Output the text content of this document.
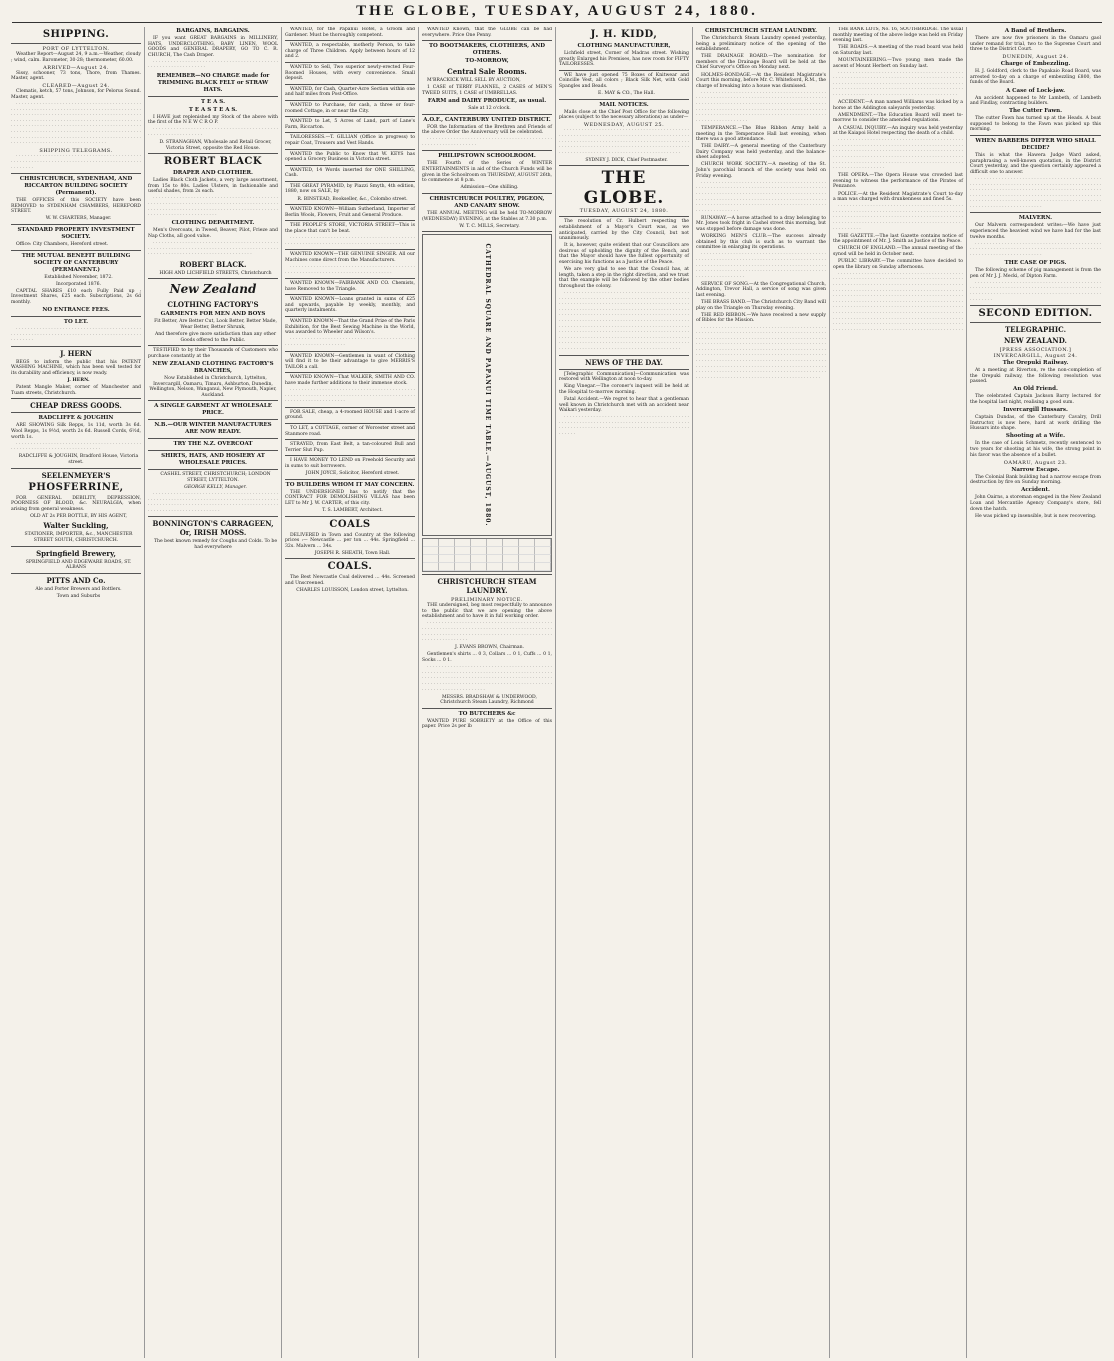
THE GLOBE, TUESDAY, AUGUST 24, 1880.
SHIPPING.
PORT OF LYTTELTON.

Weather Report—August 24, 9 a.m.—Weather, cloudy ; wind, calm. Barometer, 30·28; thermometer, 60.00.

ARRIVED—August 24.

Sissy, schooner, 73 tons, Thore, from Thames. Master, agent.

CLEARED—August 24.

Clematis, ketch, 57 tons, Johnson, for Pelorus Sound. Master, agent.

· · · · · · · · · · · · · · · · · · · · · · · · · · · · · · · · · · · · · · · · · · · · · · · · · · · · · · · · · · · · · · · · · · · · · · · · · · · · · · · · · · · · · · · · · · · · · · · · · · · · · · · · · · · · · · · · · · · · · · · · · · · · · · · · · · · · · · · · · · · · · · · · · · · · · · · · · · · · · · · · · · · · · · · · · · · · · · · · · · · · · · · · · · · · · · · · · · · · · · · · · · · · · · · · · · · · · · · · · · · · · · · · · · · · · · · · · · · · · · · · · · · · · · · · · · · · · · · · · · · · · · · · · · · · · · · · · · · · · · · · · · · · · · · · · · · · · · · · · · · · · · · · · · · · · · · · · · · · · · · · · · · · · · · · · · · · · · · · · · · · · · · · · ·

SHIPPING TELEGRAMS.

· · · · · · · · · · · · · · · · · · · · · · · · · · · · · · · · · · · · · · · · · · · · · · · · · · · · · · · · · · · · · · · · · · · · · · · · · · · · · · · · · · · · · · · · · · · · · · · ·

CHRISTCHURCH, SYDENHAM, AND RICCARTON BUILDING SOCIETY (Permanent).

THE OFFICES of this SOCIETY have been REMOVED to SYDENHAM CHAMBERS, HEREFORD STREET.

W. W. CHARTERS, Manager.

STANDARD PROPERTY INVESTMENT SOCIETY.

Office: City Chambers, Hereford street.

THE MUTUAL BENEFIT BUILDING SOCIETY OF CANTERBURY (PERMANENT.)

Established November, 1872.

Incorporated 1876.

CAPITAL SHARES £10 each Fully Paid up ; Investment Shares, £25 each. Subscriptions, 2s 6d monthly.

NO ENTRANCE FEES.
TO LET.

· · · · · · · · · · · · · · · · · · · · · · · · · · · · · · · · · · · · · · · · · · · · · · · · · · · · · · · · · · · · · · · · · · · · · · · · · · · · · · · · · · · · · · · · · · · · · · · ·

J. HERN

BEGS to inform the public that his PATENT WASHING MACHINE, which has been well tested for its durability and efficiency, is now ready.

J. HERN.

Patent Mangle Maker, corner of Manchester and Tuam streets, Christchurch.

CHEAP DRESS GOODS.
RADCLIFFE & JOUGHIN

ARE SHOWING Silk Repps, 1s 11d, worth 3s 6d. Wool Repps, 1s 9½d, worth 2s 6d. Russell Cords, 6½d, worth 1s.

· · · · · · · · · · · · · · · · · · · · · · · · · · · · · · · · · · · · · · · · · · · · · · · · · · · · · · · · · · · · · · · · · · · · · · · · · ·

RADCLIFFE & JOUGHIN, Bradford House, Victoria street.

SEELENMEYER'S
PHOSFERRINE,

FOR GENERAL DEBILITY, DEPRESSION, POORNESS OF BLOOD, &c. NEURALGIA, when arising from general weakness.

OLD AT 2s PER BOTTLE, BY HIS AGENT,

Walter Suckling,

STATIONER, IMPORTER, &c., MANCHESTER STREET SOUTH, CHRISTCHURCH.

Springfield Brewery,

SPRINGFIELD AND EDGEWARE ROADS, ST. ALBANS

PITTS AND Co.

Ale and Porter Brewers and Bottlers.

Town and Suburbs

BARGAINS, BARGAINS.

IF you want GREAT BARGAINS in MILLINERY, HATS, UNDERCLOTHING, BABY LINEN, WOOL GOODS and GENERAL DRAPERY, GO TO C. R. CHURCH, The Cash Draper.

· · · · · · · · · · · · · · · · · · · · · · · · · · · · · · · · · · · · · · · · · · · · · · · · · · · · · · · · · · · · · · ·

REMEMBER—NO CHARGE made for TRIMMING BLACK FELT or STRAW HATS.
T E A S.
T E A S T E A S.

I HAVE just replenished my Stock of the above with the first of the N E W C R O P.

· · · · · · · · · · · · · · · · · · · · · · · · · · · · · · · · · · · · · · · · · · · · · · · · · · · · · · · · · · · · · ·

D. STRANAGHAN, Wholesale and Retail Grocer, Victoria Street, opposite the Red House.

ROBERT BLACK
DRAPER AND CLOTHIER.

Ladies Black Cloth Jackets, a very large assortment, from 15s to 80s. Ladies Ulsters, in fashionable and useful shades, from 2s each.

· · · · · · · · · · · · · · · · · · · · · · · · · · · · · · · · · · · · · · · · · · · · · · · · · · · · · · · · · · · · · · · · · · · · · · · · · · · · · · · · · · · · · · · · · · · · · · · · · · · · · · · · · · · · · · · · · · · · · · · · · · · · · · · · · · · · · · · · · · · · · · · · · · · · · · · · · · · · ·

CLOTHING DEPARTMENT.

Men's Overcoats, in Tweed, Beaver, Pilot, Frieze and Nap Cloths, all good value.

· · · · · · · · · · · · · · · · · · · · · · · · · · · · · · · · · · · · · · · · · · · · · · · · · · · · · · · · · · · · · · · · · · · · · · · · · · · · · · · · · · · · · · · · · · · · · · · · · · · · · · · · · · · · · · · · · · · · · · · · · · · ·

ROBERT BLACK.

HIGH AND LICHFIELD STREETS, Christchurch

New Zealand
CLOTHING FACTORY'S
GARMENTS FOR MEN AND BOYS

Fit Better, Are Better Cut, Look Better, Better Made, Wear Better, Better Shrunk,

And therefore give more satisfaction than any other Goods offered to the Public.

TESTIFIED to by their Thousands of Customers who purchase constantly at the

NEW ZEALAND CLOTHING FACTORY'S BRANCHES,

Now Established in Christchurch, Lyttelton, Invercargill, Oamaru, Timaru, Ashburton, Dunedin, Wellington, Nelson, Wanganui, New Plymouth, Napier, Auckland.

A SINGLE GARMENT AT WHOLESALE PRICE.
N.B.—OUR WINTER MANUFACTURES ARE NOW READY.
TRY THE N.Z. OVERCOAT
SHIRTS, HATS, AND HOSIERY AT WHOLESALE PRICES.

CASHEL STREET, CHRISTCHURCH; LONDON STREET, LYTTELTON.

GEORGE KELLY, Manager.

· · · · · · · · · · · · · · · · · · · · · · · · · · · · · · · · · · · · · · · · · · · · · · · · · · · · · · · · · · · · · · · · · · · · · · · · · · · · · · · · · · · · · · · · · · · · · · · · · · · · · · · · · · · · · · · · · · · · · · · · · · · · · · · · · · · · · · · · · · · · · · · · · · · · · · · · · · · · · ·

BONNINGTON'S CARRAGEEN, Or, IRISH MOSS.

The best known remedy for Coughs and Colds. To be had everywhere

WANTED, for the Papanui Hotel, a Groom and Gardener. Must be thoroughly competent.

WANTED, a respectable, motherly Person, to take charge of Three Children. Apply between hours of 12 and 2.

WANTED to Sell, Two superior newly-erected Four-Roomed Houses, with every convenience. Small deposit.

WANTED, for Cash, Quarter-Acre Section within one and half miles from Post-Office.

WANTED to Purchase, for cash, a three or four-roomed Cottage, in or near the City.

WANTED to Let, 5 Acres of Land, part of Lane's Farm, Riccarton.

TAILORESSES.—T. GILLIAN (Office in progress) to repair Coat, Trousers and Vest Hands.

WANTED the Public to Know that W. KEYS has opened a Grocery Business in Victoria street.

WANTED, 14 Words inserted for ONE SHILLING, Cash.

THE GREAT PYRAMID, by Piazzi Smyth, 4th edition, 1880, now on SALE, by

R. BINSTEAD, Bookseller, &c., Colombo street.

WANTED KNOWN—William Sutherland, Importer of Berlin Wools, Flowers, Fruit and General Produce.

THE PEOPLE'S STORE, VICTORIA STREET—This is the place that can't be beat.

· · · · · · · · · · · · · · · · · · · · · · · · · · · · · · · · · · · · · · · · · · · · · · · · · · · · · · · · · · · · · · · · · · · · · · · · · · · · · · · · · · · · ·

WANTED KNOWN—THE GENUINE SINGER. All our Machines come direct from the Manufacturers.

· · · · · · · · · · · · · · · · · · · · · · · · · · · · · · · · · · · · · · · · · · · · · · · · · · · · · · · · · · · · · · · · · · · · · · · · · · · · · · · ·

WANTED KNOWN—FAIRBANK AND CO. Chemists, have Removed to the Triangle.

WANTED KNOWN—Loans granted in sums of £25 and upwards, payable by weekly, monthly, and quarterly instalments.

WANTED KNOWN—That the Grand Prize of the Paris Exhibition, for the Best Sewing Machine in the World, was awarded to Wheeler and Wilson's.

· · · · · · · · · · · · · · · · · · · · · · · · · · · · · · · · · · · · · · · · · · · · · · · · · · · · · · · · · · · · · · · ·

WANTED KNOWN—Gentlemen in want of Clothing will find it to be their advantage to give MERRIS'S TAILOR a call.

WANTED KNOWN—That WALKER, SMITH AND CO. have made further additions to their immense stock.

· · · · · · · · · · · · · · · · · · · · · · · · · · · · · · · · · · · · · · · · · · · · · · · · · · · · · · · · · · · · · · · · · · · · · · · · · · · · · · · · · · · · · · · · · · · · · · · · · · · · · · · · · · · · ·

FOR SALE, cheap, a 4-roomed HOUSE and 1-acre of ground.

TO LET, a COTTAGE, corner of Worcester street and Stanmore road.

STRAYED, from East Belt, a tan-coloured Bull and Terrier Slut Pup.

I HAVE MONEY TO LEND on Freehold Security and in sums to suit borrowers.

JOHN JOYCE, Solicitor, Hereford street.

TO BUILDERS WHOM IT MAY CONCERN.

THE UNDERSIGNED has to notify that the CONTRACT FOR DEMOLISHING VILLAS has been LET to Mr J. W. CARTER, of this city.

T. S. LAMBERT, Architect.

COALS

DELIVERED in Town and Country at the following prices :— Newcastle ... per ton ... 44s. Springfield ... 32s. Malvern ... 34s.

JOSEPH R. SHEATH, Town Hall.

COALS.

The Best Newcastle Coal delivered ... 44s. Screened and Unscreened.

CHARLES LOUISSON, London street, Lyttelton.

WANTED Known, that the GLOBE can be had everywhere. Price One Penny.

TO BOOTMAKERS, CLOTHIERS, AND OTHERS.
TO-MORROW,
Central Sale Rooms.

M'BRACKICK WILL SELL BY AUCTION,

1 CASE of TERRY FLANNEL, 2 CASES of MEN'S TWEED SUITS, 1 CASE of UMBRELLAS.

FARM and DAIRY PRODUCE, as usual.

Sale at 12 o'clock.

A.O.F., CANTERBURY UNITED DISTRICT.

FOR the Information of the Brethren and Friends of the above Order the Anniversary will be celebrated.

· · · · · · · · · · · · · · · · · · · · · · · · · · · · · · · · · · · · · · · · · · · · · · · · · · · · · · · · · · · · · ·

PHILIPSTOWN SCHOOLROOM.

THE Fourth of the Series of WINTER ENTERTAINMENTS in aid of the Church Funds will be given in the Schoolroom on THURSDAY, AUGUST 26th, to commence at 8 p.m.

Admission—One shilling.

CHRISTCHURCH POULTRY, PIGEON, AND CANARY SHOW.

THE ANNUAL MEETING will be held TO-MORROW (WEDNESDAY) EVENING, at the Stables at 7.30 p.m.

W. T. C. MILLS, Secretary.

CATHEDRAL SQUARE AND PAPANUI TIME TABLE.—AUGUST, 1880.
CHRISTCHURCH STEAM LAUNDRY.
PRELIMINARY NOTICE.

THE undersigned, beg most respectfully to announce to the public that we are opening the above establishment and to have it in full working order.

· · · · · · · · · · · · · · · · · · · · · · · · · · · · · · · · · · · · · · · · · · · · · · · · · · · · · · · · · · · · · · · · · · · · · · · · · · · · · · · · · · · · · · · · · · · · · · · · · · · · · · · · · · · · · · · · · · · · · · · · · · · · · · · · · · · · · · · · · · · · · · · · · · · · ·

J. EVANS BROWN, Chairman.

Gentlemen's shirts ... 0 3, Collars ... 0 1, Cuffs ... 0 1, Socks ... 0 1.

· · · · · · · · · · · · · · · · · · · · · · · · · · · · · · · · · · · · · · · · · · · · · · · · · · · · · · · · · · · · · · · · · · · · · · · · · · · · · · · · · · · · · · · · · · · · · · · · · · · · · · · · · · · · · · · · · · · · · · · · · · · · · · · · · · · · · · · · · · · · · · · · · · · · · · · · · · · · · · · · · · · · · · · · · · · · · · · · · · · · · · · · · · · · · · · · · · · · · · · ·

MESSRS. BRADSHAW & UNDERWOOD, Christchurch Steam Laundry, Richmond

TO BUTCHERS &c

WANTED PURE SOBRIETY at the Office of this paper. Price 2s per lb

J. H. KIDD,
CLOTHING MANUFACTURER,

Lichfield street, Corner of Madras street. Wishing greatly Enlarged his Premises, has now room for FIFTY TAILORESSES.

WE have just opened 75 Boxes of Knitwear and Coincille Vest, all colors ; Black Silk Net, with Gold Spangles and Beads.

E. MAY & CO., The Hall.

MAIL NOTICES.

Mails close at the Chief Post Office for the following places (subject to the necessary alterations) as under—

WEDNESDAY, AUGUST 25.

· · · · · · · · · · · · · · · · · · · · · · · · · · · · · · · · · · · · · · · · · · · · · · · · · · · · · · · · · · · · · · · · · · · · · · · · · · · · · · · · · · · · · · · · · · · · · · · · · · · · · · · · · · · · · · · · · · · · · · · · · · · · · · · · · · · · · · · · · · · · · · · · · · · · · · · · · · · · · · · · · · · · · · · · · · · · · · · · · · · · · · · · · · · · · · · · · · · · · · · · · · · · · · · · · · · · · · · · · · · ·

SYDNEY J. DICK, Chief Postmaster.

THE GLOBE.
TUESDAY, AUGUST 24, 1880.

The resolution of Cr. Hulbert respecting the establishment of a Mayor's Court was, as we anticipated, carried by the City Council, but not unanimously.

It is, however, quite evident that our Councillors are desirous of upholding the dignity of the Bench, and that the Mayor should have the fullest opportunity of exercising his functions as a Justice of the Peace.

We are very glad to see that the Council has, at length, taken a step in the right direction, and we trust that the example will be followed by the other bodies throughout the colony.

· · · · · · · · · · · · · · · · · · · · · · · · · · · · · · · · · · · · · · · · · · · · · · · · · · · · · · · · · · · · · · · · · · · · · · · · · · · · · · · · · · · · · · · · · · · · · · · · · · · · · · · · · · · · · · · · · · · · · · · · · · · · · · · · · · · · · · · · · · · · · · · · · · · · · · · · · · · · · · · · · · · · · · · · · · · · · · · · · · · · · · · · · · · · · · · · · · · · · · · · · · · · · · · · · · · · · · · · · · · · · · · · · · · · · · · · · · · · · · · · · · · · · · · · · · · · · · · · · · · · · · · · · · · · · · · · · · · · · · · · · · · · · · · · · · · · · · · · · · · · · · · · · · · · · · · · · · · · · · · · · · · · · · · · · · · · · · · · · · · · · · · · · · · · · · · · · · · · · · · · · · · · · · · · · · · · · · · · · · · · · · · · · · · · · · · · · · · · · · · · · · · · · · · · · · · · · · · · · · · · · · · · · · · · · · · · · · · · · · · · · · · · · · · · · · · · · · · · · · · · · · · · · · · · · · · · · · · · · · · · · · · · · · · · · ·

NEWS OF THE DAY.

[Telegraphic Communication]—Communication was restored with Wellington at noon to-day.

King Vinegar.—The coroner's inquest will be held at the Hospital to-morrow morning.

Fatal Accident.—We regret to hear that a gentleman well known in Christchurch met with an accident near Waikari yesterday.

· · · · · · · · · · · · · · · · · · · · · · · · · · · · · · · · · · · · · · · · · · · · · · · · · · · · · · · · · · · · · · · · · · · · · · · · · · · · · · · · · · · · · · · · · · · · · · · · · · · · · · · · · · · · · · · · · · · · · · · · · · · · · · · · · · · · · · · · · · ·

CHRISTCHURCH STEAM LAUNDRY.

The Christchurch Steam Laundry opened yesterday, being a preliminary notice of the opening of the establishment.

THE DRAINAGE BOARD.—The nomination for members of the Drainage Board will be held at the Chief Surveyor's Office on Monday next.

HOLMES-BONDAGE.—At the Resident Magistrate's Court this morning, before Mr. C. Whitefoord, R.M., the charge of breaking into a house was dismissed.

· · · · · · · · · · · · · · · · · · · · · · · · · · · · · · · · · · · · · · · · · · · · · · · · · · · · · · · · · · · · · · · · · · · · · · · · · · · · · · · · · · · · · · · · · · · · · · · · · · · · · · · · · · · · · · · · · · · · · · · · · · · · · · · · · · · · · · · · · · · · · · · · · · · · · · · · · · · · · · · · · · · · · · · · · · · · · · · · · · · · · · · · · · · · · · · · · · · · · · · · · · · · · · · · · · · · · · · · · · · · · · · · · · · · · · · · · · · · · · · · ·

TEMPERANCE.—The Blue Ribbon Army held a meeting in the Temperance Hall last evening, when there was a good attendance.

THE DAIRY.—A general meeting of the Canterbury Dairy Company was held yesterday, and the balance-sheet adopted.

CHURCH WORK SOCIETY.—A meeting of the St. John's parochial branch of the society was held on Friday evening.

· · · · · · · · · · · · · · · · · · · · · · · · · · · · · · · · · · · · · · · · · · · · · · · · · · · · · · · · · · · · · · · · · · · · · · · · · · · · · · · · · · · · · · · · · · · · · · · · · · · · · · · · · · · · · · · · · · · · · · · · · · · · · · · · · · · · · · · · · · · · · · · · · · · · · · · · · · · · · · · · · · · · · · · · · · · · · · · · · · · · · · · · · · · · · · · · · · · · · · · · · · · · · · · · · · · · · · · · · · · · · · · · · · · · · · · · · · · · · ·

RUNAWAY.—A horse attached to a dray belonging to Mr. Jones took fright in Cashel street this morning, but was stopped before damage was done.

WORKING MEN'S CLUB.—The success already obtained by this club is such as to warrant the committee in enlarging its operations.

· · · · · · · · · · · · · · · · · · · · · · · · · · · · · · · · · · · · · · · · · · · · · · · · · · · · · · · · · · · · · · · · · · · · · · · · · · · · · · · · · · · · · · · · · · · · · · · · · · · · · · · · · · · · · · · · · · · · · · · · · · · · · · · · · · · · · · · · · · · · · · · · · · · · · · · · · · · · · · · · · · · · · · · · · · · · · · · · · · · · · · · · · · · · · · · · · · ·

SERVICE OF SONG.—At the Congregational Church, Addington, Trevor Hall, a service of song was given last evening.

THE BRASS BAND.—The Christchurch City Band will play on the Triangle on Thursday evening.

THE RED RIBBON.—We have received a new supply of Bibles for the Mission.

· · · · · · · · · · · · · · · · · · · · · · · · · · · · · · · · · · · · · · · · · · · · · · · · · · · · · · · · · · · · · · · · · · · · · · · · · · · · · · · · · · · · · · · · · · · · · · · · · · · · · · · · · · · · · · · · · · · · · · · · · · · · · · · · · · · · · · · · · · · · · · · · · · · · · · · · · · · · · · · · · · · · · · · · · · · · · · · · · · · · · · · · · · · · · · · · · · · · · · · · · · · · · · · · · · · · · · · · · · · · · · · · · · · · · · · · · · · · · · · · · · · · · · · · · · · · · · · · · · · · · · · · · · · · · · · · · · · · · · · · · · · · · · · · · · · · · · · · · · · · · · · · · · · · · · · · · · · · · · · · · · · · · · · · · · · · · · · · · · · · · · · · · · · · · · · · · · · · · · · · · · · · · · · · · · · · · · · · · · · · · · · · · · · · · · · · · · · · · · · · · · · · · · · · · · · · · · · · · · · · · · · · · · · · · · · · · · · · · · · · · · · · · ·

THE BANK LOTS, No. 16, SOUTHBRIDGE. The usual monthly meeting of the above lodge was held on Friday evening last.

THE ROADS.—A meeting of the road board was held on Saturday last.

MOUNTAINEERING.—Two young men made the ascent of Mount Herbert on Sunday last.

· · · · · · · · · · · · · · · · · · · · · · · · · · · · · · · · · · · · · · · · · · · · · · · · · · · · · · · · · · · · · · · · · · · · · · · · · · · · · · · · · · · · · · · · · · · · · · · · · · · · · · · · · · · · · · · · · · · · · · · · · · · · · · · · · · · · · · · · · · · · · · · · · · · · · · · · · · · · · · · · · · · · · · · · · · · · · · · · · · · · · · · · · · · · · · · · · · · · · · · · · · · · · · · · · · · · · · · · · · · · ·

ACCIDENT.—A man named Williams was kicked by a horse at the Addington saleyards yesterday.

AMENDMENT.—The Education Board will meet to-morrow to consider the amended regulations.

A CASUAL INQUIRY.—An inquiry was held yesterday at the Kaiapoi Hotel respecting the death of a child.

· · · · · · · · · · · · · · · · · · · · · · · · · · · · · · · · · · · · · · · · · · · · · · · · · · · · · · · · · · · · · · · · · · · · · · · · · · · · · · · · · · · · · · · · · · · · · · · · · · · · · · · · · · · · · · · · · · · · · · · · · · · · · · · · · · · · · · · · · · · · · · · · · · · · · · · · · · · · · · · · · · · · · · · · · · · · · · · · · · · · · · · · · · · · · · · · · · · · · · · · · · · · · · · · · · · · · · · · · · · · · · · · · · · · · · · · · · · · · · · · ·

THE OPERA.—The Opera House was crowded last evening to witness the performance of the Pirates of Penzance.

POLICE.—At the Resident Magistrate's Court to-day a man was charged with drunkenness and fined 5s.

· · · · · · · · · · · · · · · · · · · · · · · · · · · · · · · · · · · · · · · · · · · · · · · · · · · · · · · · · · · · · · · · · · · · · · · · · · · · · · · · · · · · · · · · · · · · · · · · · · · · · · · · · · · · · · · · · · · · · · · · · · · · · · · · · · · · · · · · · · · · · · · · · · · · · · · · · · · · · · · · · · · · · · · · · · · · · · · · · · · · · · · · · · · ·

THE GAZETTE.—The last Gazette contains notice of the appointment of Mr. J. Smith as Justice of the Peace.

CHURCH OF ENGLAND.—The annual meeting of the synod will be held in October next.

PUBLIC LIBRARY.—The committee have decided to open the library on Sunday afternoons.

· · · · · · · · · · · · · · · · · · · · · · · · · · · · · · · · · · · · · · · · · · · · · · · · · · · · · · · · · · · · · · · · · · · · · · · · · · · · · · · · · · · · · · · · · · · · · · · · · · · · · · · · · · · · · · · · · · · · · · · · · · · · · · · · · · · · · · · · · · · · · · · · · · · · · · · · · · · · · · · · · · · · · · · · · · · · · · · · · · · · · · · · · · · · · · · · · · · · · · · · · · · · · · · · · · · · · · · · · · · · · · · · · · · · · · · · · · · · · · · · · · · · · · · · · · · · · · · · · · · · · · · · · · · · · · · · · · · · · · · · · · · · · · · · · · · · · · · · · · · · · · · · · · · · · · · · · · · · · · · · · · · · · · · · · · · · · · · · · · · · · · · · · · · · · · · · · · · · · · · · · · · · · · · · · · · · · · · · · · · · · · · · · · · · · · · · · · · · · · · · · · · · · · · · · · · · · · · · · · · · · · · · · · · · · · · · · · · · · · · · · · · · · · · · · · · · · · · · · · · · · · · · · · · · · · · · · · · · · · · · · · · · · · · · · · · · ·

A Band of Brothers.

There are now five prisoners in the Oamaru gaol under remand for trial, two to the Supreme Court and three to the District Court.

DUNEDIN, August 24.
Charge of Embezzling.

H. J. Goldford, clerk to the Papakaio Road Board, was arrested to-day on a charge of embezzling £800, the funds of the Board.

A Case of Lock-jaw.

An accident happened to Mr Lambeth, of Lambeth and Findlay, contracting builders.

The Cutter Fawn.

The cutter Fawn has turned up at the Heads. A boat supposed to belong to the Fawn was picked up this morning.

WHEN BARBERS DIFFER WHO SHALL DECIDE?

This is what the Hawera Judge Ward asked, paraphrasing a well-known quotation, in the District Court yesterday, and the question certainly appeared a difficult one to answer.

· · · · · · · · · · · · · · · · · · · · · · · · · · · · · · · · · · · · · · · · · · · · · · · · · · · · · · · · · · · · · · · · · · · · · · · · · · · · · · · · · · · · · · · · · · · · · · · · · · · · · · · · · · · · · · · · · · · · · · · · · · · · · · · · · · · · · · · · · · · · · · · · · · · · · · · · · · · · · · · · · · · · · · · · · · · · · · · · · · · · · · · · · · · · · · · · · · · · · · · · · · · · · · · · · · · · · · · · · · · · · · · · · · · · · · · · · · · · · · · · · · · · · · · ·

MALVERN.

Our Malvern correspondent writes:—We have just experienced the heaviest wind we have had for the last twelve months.

· · · · · · · · · · · · · · · · · · · · · · · · · · · · · · · · · · · · · · · · · · · · · · · · · · · · · · · · · · · · · · · · · · · · · · · · · · · · · · · · · · · · · · · · · · · · · · · · · · · · · · · · · · · · · · · · ·

THE CASE OF PIGS.

The following scheme of pig management is from the pen of Mr J. J. Mecki, of Dipton Farm.

· · · · · · · · · · · · · · · · · · · · · · · · · · · · · · · · · · · · · · · · · · · · · · · · · · · · · · · · · · · · · · · · · · · · · · · · · · · · · · · · · · · · · · · · · · · · · · · · · · · · · · · · · · · · · · · · · · · · · · · · · · · · · · · · · · · · · · · · · · · · ·

SECOND EDITION.
TELEGRAPHIC.
NEW ZEALAND.
[PRESS ASSOCIATION.]
INVERCARGILL, August 24.
The Orepuki Railway.

At a meeting at Riverton, re the non-completion of the Orepuki railway, the following resolution was passed.

An Old Friend.

The celebrated Captain Jackson Barry lectured for the hospital last night, realising a good sum.

Invercargill Hussars.

Captain Dundas, of the Canterbury Cavalry, Drill Instructor, is now here, hard at work drilling the Hussars into shape.

Shooting at a Wife.

In the case of Louis Schmetz, recently sentenced to two years for shooting at his wife, the strong point in his favor was the absence of a bullet.

OAMARU, August 23.
Narrow Escape.

The Colonial Bank building had a narrow escape from destruction by fire on Sunday morning.

Accident.

John Oairns, a storeman engaged in the New Zealand Loan and Mercantile Agency Company's store, fell down the hatch.

He was picked up insensible, but is now recovering.
